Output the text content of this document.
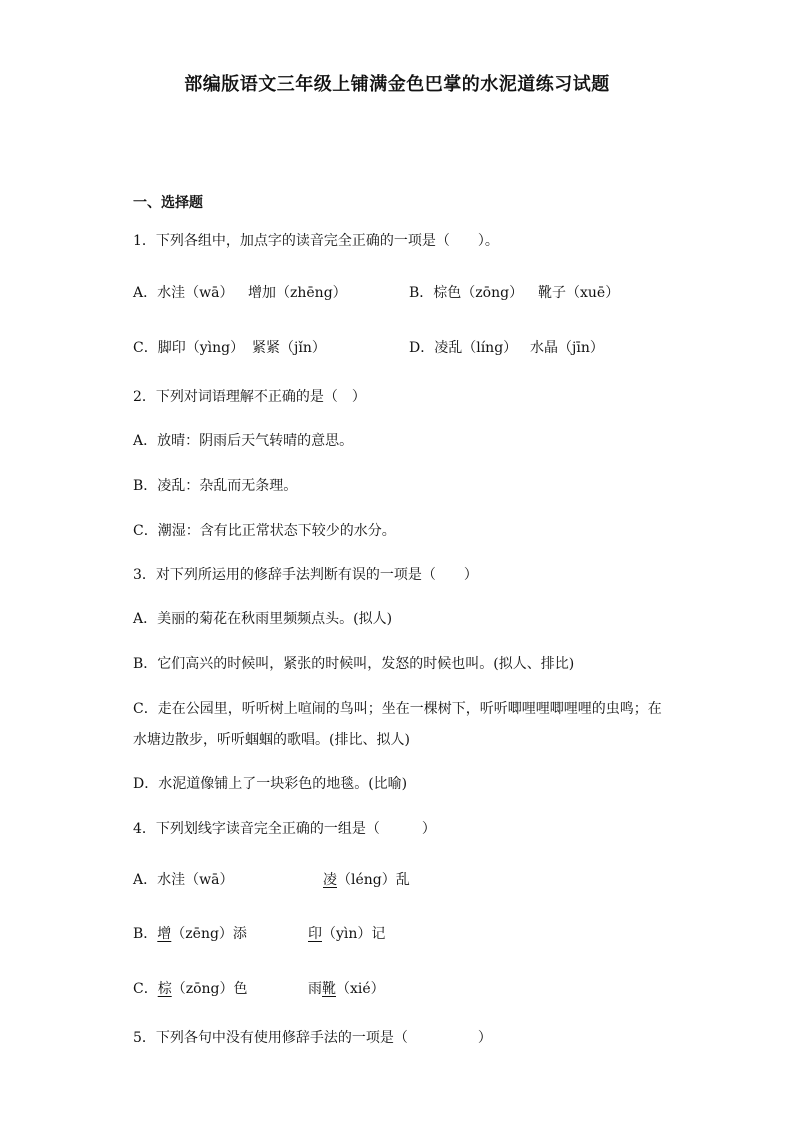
部编版语文三年级上铺满金色巴掌的水泥道练习试题
一、选择题
1．下列各组中，加点字的读音完全正确的一项是（　　）。
A．水洼（wā） 增加（zhēng）	B．棕色（zōng） 靴子（xuē）
C．脚印（yìng） 紧紧（jǐn）	D．凌乱（líng） 水晶（jīn）
2．下列对词语理解不正确的是（　）
A．放晴：阴雨后天气转晴的意思。
B．凌乱：杂乱而无条理。
C．潮湿：含有比正常状态下较少的水分。
3．对下列所运用的修辞手法判断有误的一项是（　　）
A．美丽的菊花在秋雨里频频点头。(拟人)
B．它们高兴的时候叫，紧张的时候叫，发怒的时候也叫。(拟人、排比)
C．走在公园里，听听树上喧闹的鸟叫；坐在一棵树下，听听唧哩哩唧哩哩的虫鸣；在
水塘边散步，听听蝈蝈的歌唱。(排比、拟人)
D．水泥道像铺上了一块彩色的地毯。(比喻)
4．下列划线字读音完全正确的一组是（　　　）
A．水洼（wā）	凌（léng）乱
B．增（zēng）添	印（yìn）记
C．棕（zōng）色	雨靴（xié）
5．下列各句中没有使用修辞手法的一项是（　　　　　）
